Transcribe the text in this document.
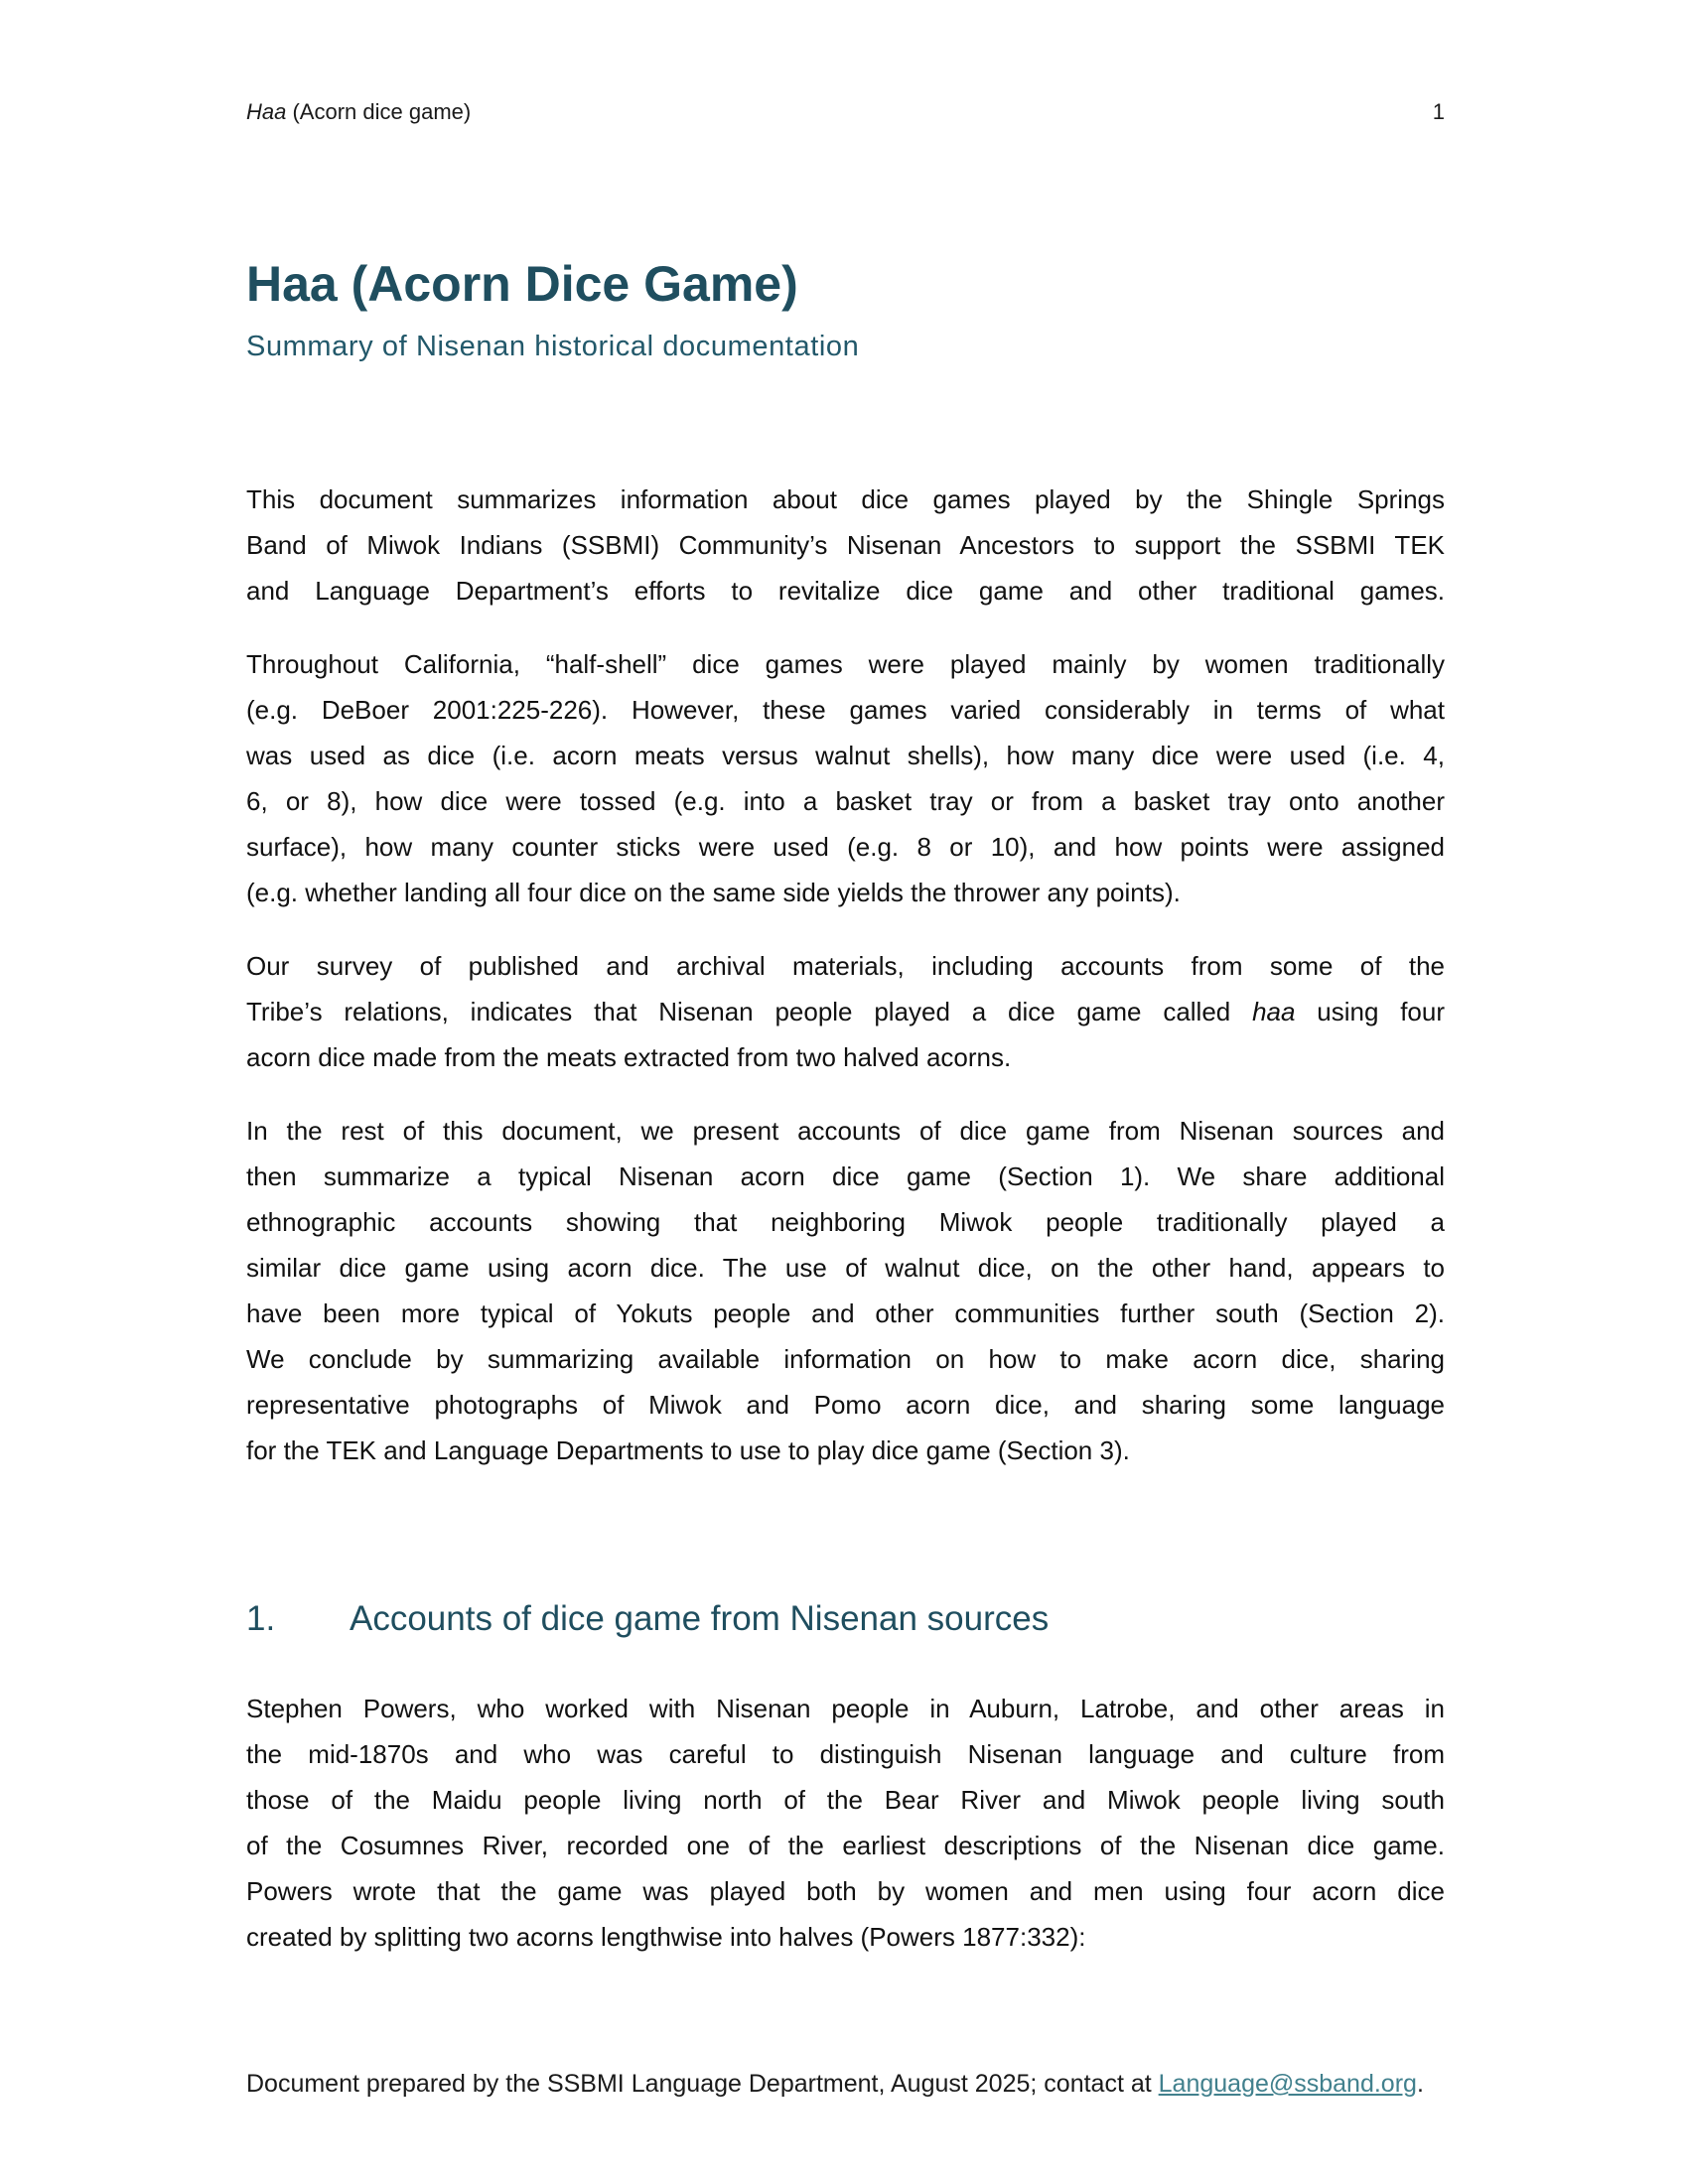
Haa (Acorn dice game)	1
Haa (Acorn Dice Game)
Summary of Nisenan historical documentation
This document summarizes information about dice games played by the Shingle Springs
Band of Miwok Indians (SSBMI) Community’s Nisenan Ancestors to support the SSBMI TEK
and Language Department’s efforts to revitalize dice game and other traditional games.
Throughout California, “half-shell” dice games were played mainly by women traditionally
(e.g. DeBoer 2001:225-226). However, these games varied considerably in terms of what
was used as dice (i.e. acorn meats versus walnut shells), how many dice were used (i.e. 4,
6, or 8), how dice were tossed (e.g. into a basket tray or from a basket tray onto another
surface), how many counter sticks were used (e.g. 8 or 10), and how points were assigned
(e.g. whether landing all four dice on the same side yields the thrower any points).
Our survey of published and archival materials, including accounts from some of the
Tribe’s relations, indicates that Nisenan people played a dice game called haa using four
acorn dice made from the meats extracted from two halved acorns.
In the rest of this document, we present accounts of dice game from Nisenan sources and
then summarize a typical Nisenan acorn dice game (Section 1). We share additional
ethnographic accounts showing that neighboring Miwok people traditionally played a
similar dice game using acorn dice. The use of walnut dice, on the other hand, appears to
have been more typical of Yokuts people and other communities further south (Section 2).
We conclude by summarizing available information on how to make acorn dice, sharing
representative photographs of Miwok and Pomo acorn dice, and sharing some language
for the TEK and Language Departments to use to play dice game (Section 3).
1.	Accounts of dice game from Nisenan sources
Stephen Powers, who worked with Nisenan people in Auburn, Latrobe, and other areas in
the mid-1870s and who was careful to distinguish Nisenan language and culture from
those of the Maidu people living north of the Bear River and Miwok people living south
of the Cosumnes River, recorded one of the earliest descriptions of the Nisenan dice game.
Powers wrote that the game was played both by women and men using four acorn dice
created by splitting two acorns lengthwise into halves (Powers 1877:332):
Document prepared by the SSBMI Language Department, August 2025; contact at Language@ssband.org.
